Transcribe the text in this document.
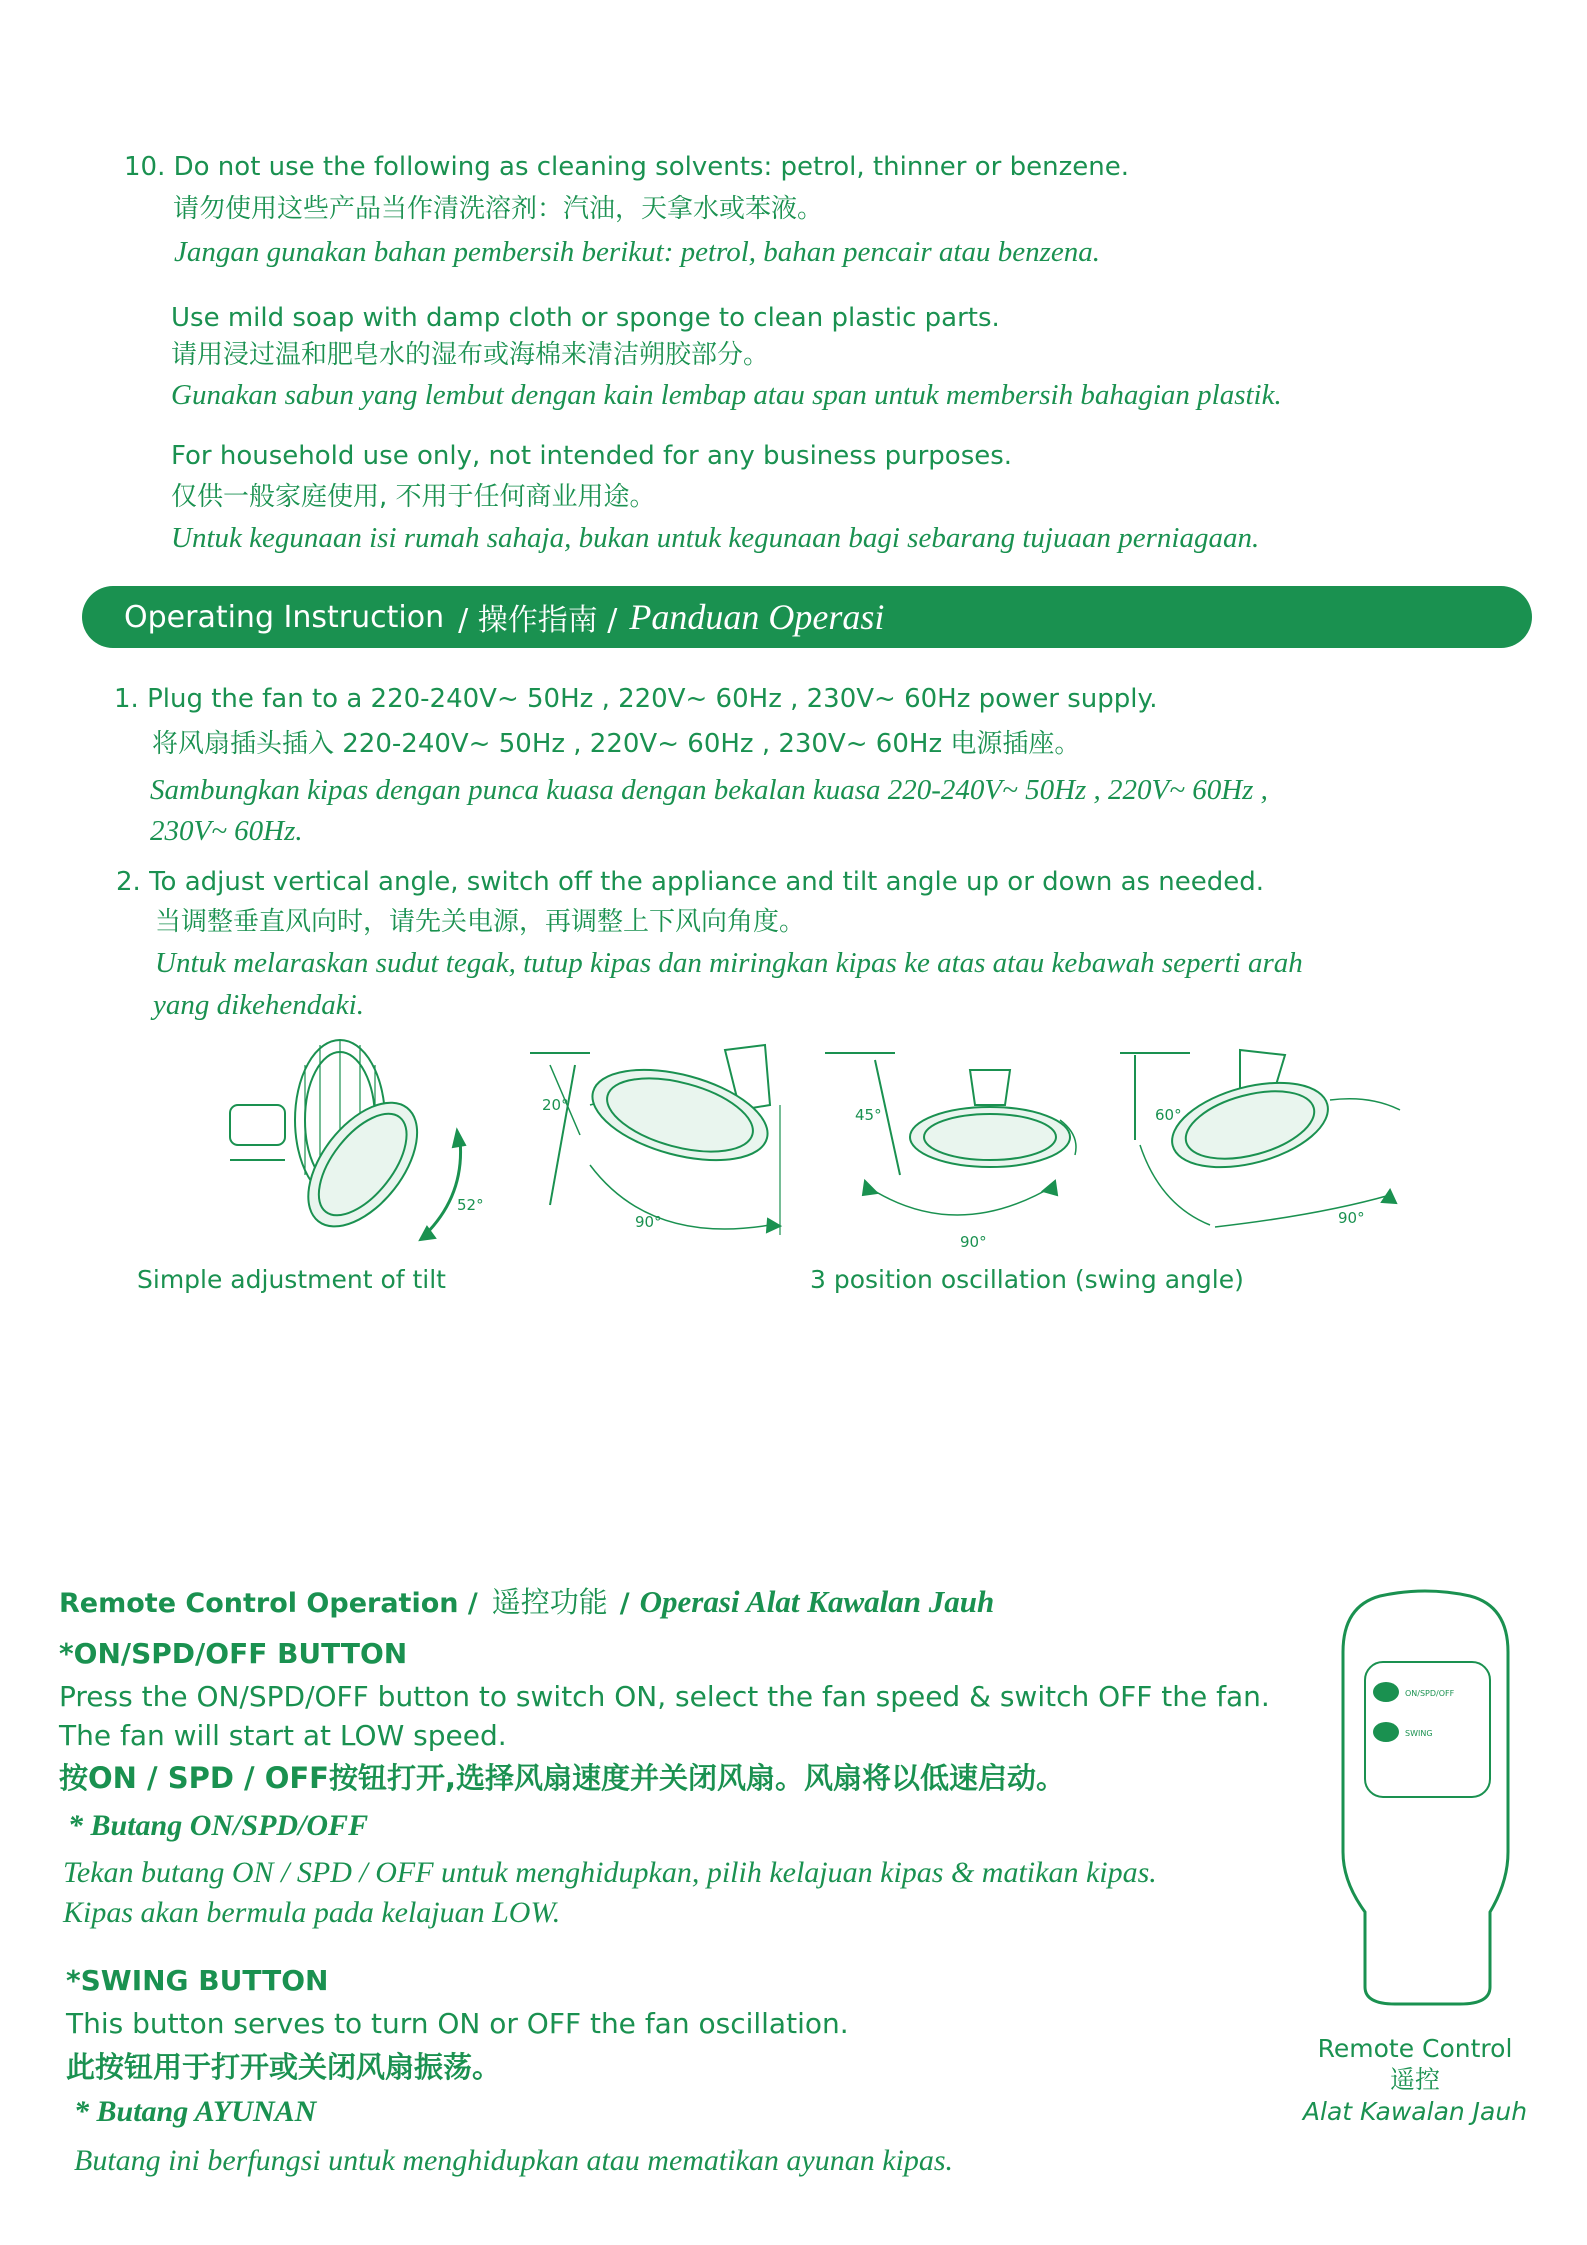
10. Do not use the following as cleaning solvents: petrol, thinner or benzene.
请勿使用这些产品当作清洗溶剂：汽油，天拿水或苯液。
Jangan gunakan bahan pembersih berikut: petrol, bahan pencair atau benzena.
Use mild soap with damp cloth or sponge to clean plastic parts.
请用浸过温和肥皂水的湿布或海棉来清洁朔胶部分。
Gunakan sabun yang lembut dengan kain lembap atau span untuk membersih bahagian plastik.
For household use only, not intended for any business purposes.
仅供一般家庭使用, 不用于任何商业用途。
Untuk kegunaan isi rumah sahaja, bukan untuk kegunaan bagi sebarang tujuaan perniagaan.
Operating Instruction / 操作指南 / Panduan Operasi
1. Plug the fan to a 220-240V~ 50Hz , 220V~ 60Hz , 230V~ 60Hz power supply.
将风扇插头插入 220-240V~ 50Hz , 220V~ 60Hz , 230V~ 60Hz 电源插座。
Sambungkan kipas dengan punca kuasa dengan bekalan kuasa 220-240V~ 50Hz , 220V~ 60Hz ,
230V~ 60Hz.
2. To adjust vertical angle, switch off the appliance and tilt angle up or down as needed.
当调整垂直风向时，请先关电源，再调整上下风向角度。
Untuk melaraskan sudut tegak, tutup kipas dan miringkan kipas ke atas atau kebawah seperti arah
yang dikehendaki.
52°
20°
90°
45°
90°
60°
90°
Simple adjustment of tilt	3 position oscillation (swing angle)
Remote Control Operation / 遥控功能 / Operasi Alat Kawalan Jauh
*ON/SPD/OFF BUTTON
Press the ON/SPD/OFF button to switch ON, select the fan speed & switch OFF the fan.
The fan will start at LOW speed.
按ON / SPD / OFF按钮打开,选择风扇速度并关闭风扇。风扇将以低速启动。
* Butang ON/SPD/OFF
Tekan butang ON / SPD / OFF untuk menghidupkan, pilih kelajuan kipas & matikan kipas.
Kipas akan bermula pada kelajuan LOW.
*SWING BUTTON
This button serves to turn ON or OFF the fan oscillation.
此按钮用于打开或关闭风扇振荡。
* Butang AYUNAN
Butang ini berfungsi untuk menghidupkan atau mematikan ayunan kipas.
ON/SPD/OFF
SWING
Remote Control
遥控
Alat Kawalan Jauh
